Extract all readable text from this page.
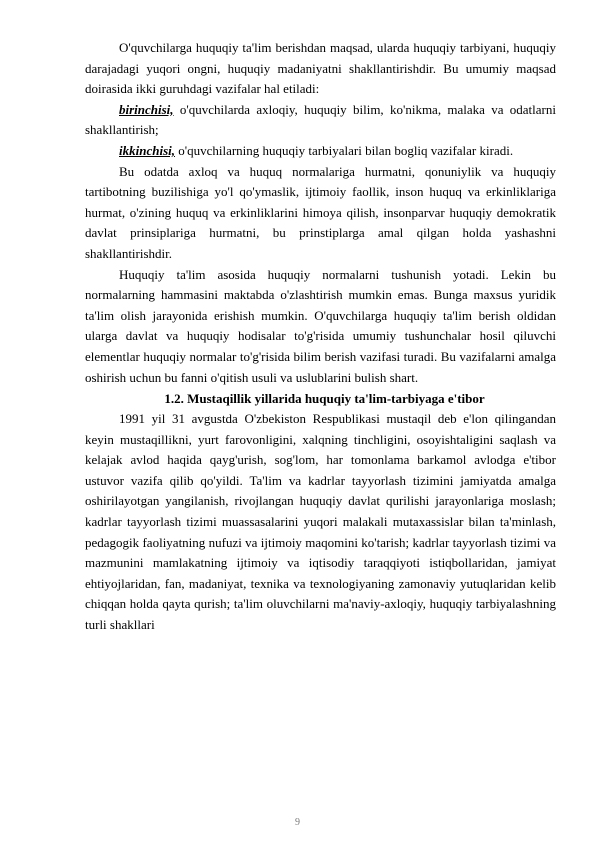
O'quvchilarga huquqiy ta'lim berishdan maqsad, ularda huquqiy tarbiyani, huquqiy darajadagi yuqori ongni, huquqiy madaniyatni shakllantirishdir. Bu umumiy maqsad doirasida ikki guruhdagi vazifalar hal etiladi:

birinchisi, o'quvchilarda axloqiy, huquqiy bilim, ko'nikma, malaka va odatlarni shakllantirish;

ikkinchisi, o'quvchilarning huquqiy tarbiyalari bilan bogliq vazifalar kiradi.

Bu odatda axloq va huquq normalariga hurmatni, qonuniylik va huquqiy tartibotning buzilishiga yo'l qo'ymaslik, ijtimoiy faollik, inson huquq va erkinliklariga hurmat, o'zining huquq va erkinliklarini himoya qilish, insonparvar huquqiy demokratik davlat prinsiplariga hurmatni, bu prinstiplarga amal qilgan holda yashashni shakllantirishdir.

Huquqiy ta'lim asosida huquqiy normalarni tushunish yotadi. Lekin bu normalarning hammasini maktabda o'zlashtirish mumkin emas. Bunga maxsus yuridik ta'lim olish jarayonida erishish mumkin. O'quvchilarga huquqiy ta'lim berish oldidan ularga davlat va huquqiy hodisalar to'g'risida umumiy tushunchalar hosil qiluvchi elementlar huquqiy normalar to'g'risida bilim berish vazifasi turadi. Bu vazifalarni amalga oshirish uchun bu fanni o'qitish usuli va uslublarini bulish shart.

1.2. Mustaqillik yillarida huquqiy ta'lim-tarbiyaga e'tibor

1991 yil 31 avgustda O'zbekiston Respublikasi mustaqil deb e'lon qilingandan keyin mustaqillikni, yurt farovonligini, xalqning tinchligini, osoyishtaligini saqlash va kelajak avlod haqida qayg'urish, sog'lom, har tomonlama barkamol avlodga e'tibor ustuvor vazifa qilib qo'yildi. Ta'lim va kadrlar tayyorlash tizimini jamiyatda amalga oshirilayotgan yangilanish, rivojlangan huquqiy davlat qurilishi jarayonlariga moslash; kadrlar tayyorlash tizimi muassasalarini yuqori malakali mutaxassislar bilan ta'minlash, pedagogik faoliyatning nufuzi va ijtimoiy maqomini ko'tarish; kadrlar tayyorlash tizimi va mazmunini mamlakatning ijtimoiy va iqtisodiy taraqqiyoti istiqbollaridan, jamiyat ehtiyojlaridan, fan, madaniyat, texnika va texnologiyaning zamonaviy yutuqlaridan kelib chiqqan holda qayta qurish; ta'lim oluvchilarni ma'naviy-axloqiy, huquqiy tarbiyalashning turli shakllari

9
